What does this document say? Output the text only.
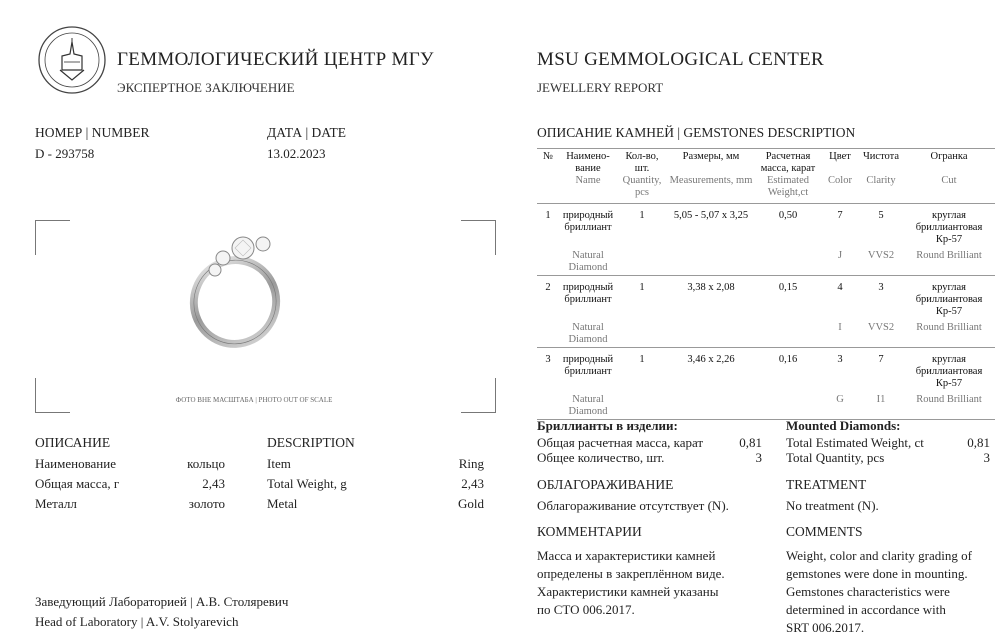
ГЕММОЛОГИЧЕСКИЙ ЦЕНТР МГУ
ЭКСПЕРТНОЕ ЗАКЛЮЧЕНИЕ
MSU GEMMOLOGICAL CENTER
JEWELLERY REPORT
НОМЕР | NUMBER
D - 293758
ДАТА | DATE
13.02.2023
ФОТО ВНЕ МАСШТАБА | PHOTO OUT OF SCALE
ОПИСАНИЕ	DESCRIPTION
Наименование	кольцо	Item	Ring
Общая масса, г	2,43	Total Weight, g	2,43
Металл	золото	Metal	Gold
Заведующий Лабораторией | А.В. Столяревич
Head of Laboratory | A.V. Stolyarevich
ОПИСАНИЕ КАМНЕЙ | GEMSTONES DESCRIPTION
№	Наимено-вание	Кол-во, шт.	Размеры, мм	Расчетная масса, карат	Цвет	Чистота	Огранка
	Name	Quantity, pcs	Measurements, mm	Estimated Weight,ct	Color	Clarity	Cut
1	природный бриллиант	1	5,05 - 5,07 x 3,25	0,50	7	5	круглая бриллиантовая Кр-57
	Natural Diamond				J	VVS2	Round Brilliant
2	природный бриллиант	1	3,38 x 2,08	0,15	4	3	круглая бриллиантовая Кр-57
	Natural Diamond				I	VVS2	Round Brilliant
3	природный бриллиант	1	3,46 x 2,26	0,16	3	7	круглая бриллиантовая Кр-57
	Natural Diamond				G	I1	Round Brilliant
Бриллианты в изделии:	Mounted Diamonds:
Общая расчетная масса, карат	0,81
Общее количество, шт.	3
Total Estimated Weight, ct	0,81
Total Quantity, pcs	3
ОБЛАГОРАЖИВАНИЕ	TREATMENT
Облагораживание отсутствует (N).	No treatment (N).
КОММЕНТАРИИ	COMMENTS
Масса и характеристики камней
определены в закреплённом виде.
Характеристики камней указаны
по СТО 006.2017.
Weight, color and clarity grading of
gemstones were done in mounting.
Gemstones characteristics were
determined in accordance with
SRT 006.2017.
